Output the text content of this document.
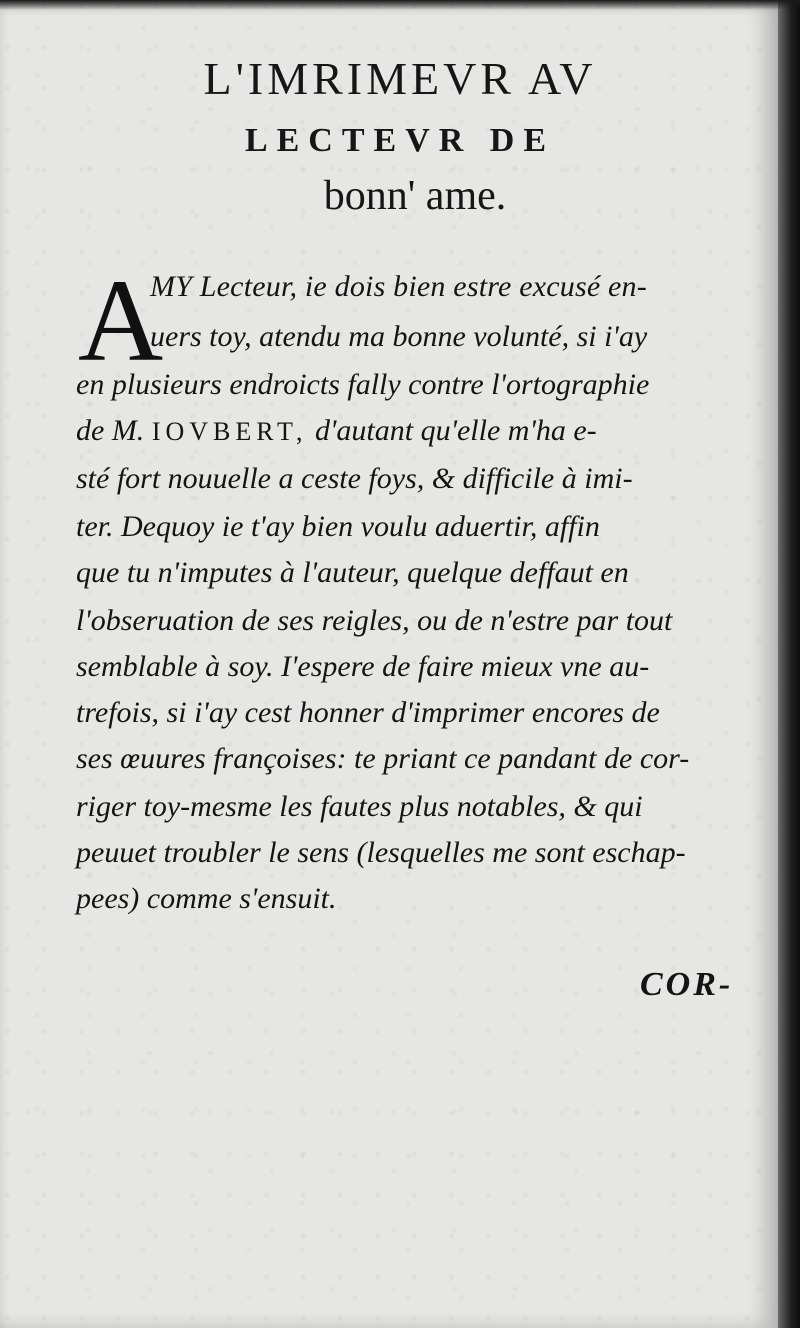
L'IMRIMEVR AV
LECTEVR DE
bonn' ame.
A
MY Lecteur, ie dois bien estre excusé en-
uers toy, atendu ma bonne volunté, si i'ay
en plusieurs endroicts fally contre l'ortographie
de M. IOVBERT, d'autant qu'elle m'ha e-
sté fort nouuelle a ceste foys, & difficile à imi-
ter. Dequoy ie t'ay bien voulu aduertir, affin
que tu n'imputes à l'auteur, quelque deffaut en
l'obseruation de ses reigles, ou de n'estre par tout
semblable à soy. I'espere de faire mieux vne au-
trefois, si i'ay cest honner d'imprimer encores de
ses œuures françoises: te priant ce pandant de cor-
riger toy-mesme les fautes plus notables, & qui
peuuet troubler le sens (lesquelles me sont eschap-
pees) comme s'ensuit.
COR-
